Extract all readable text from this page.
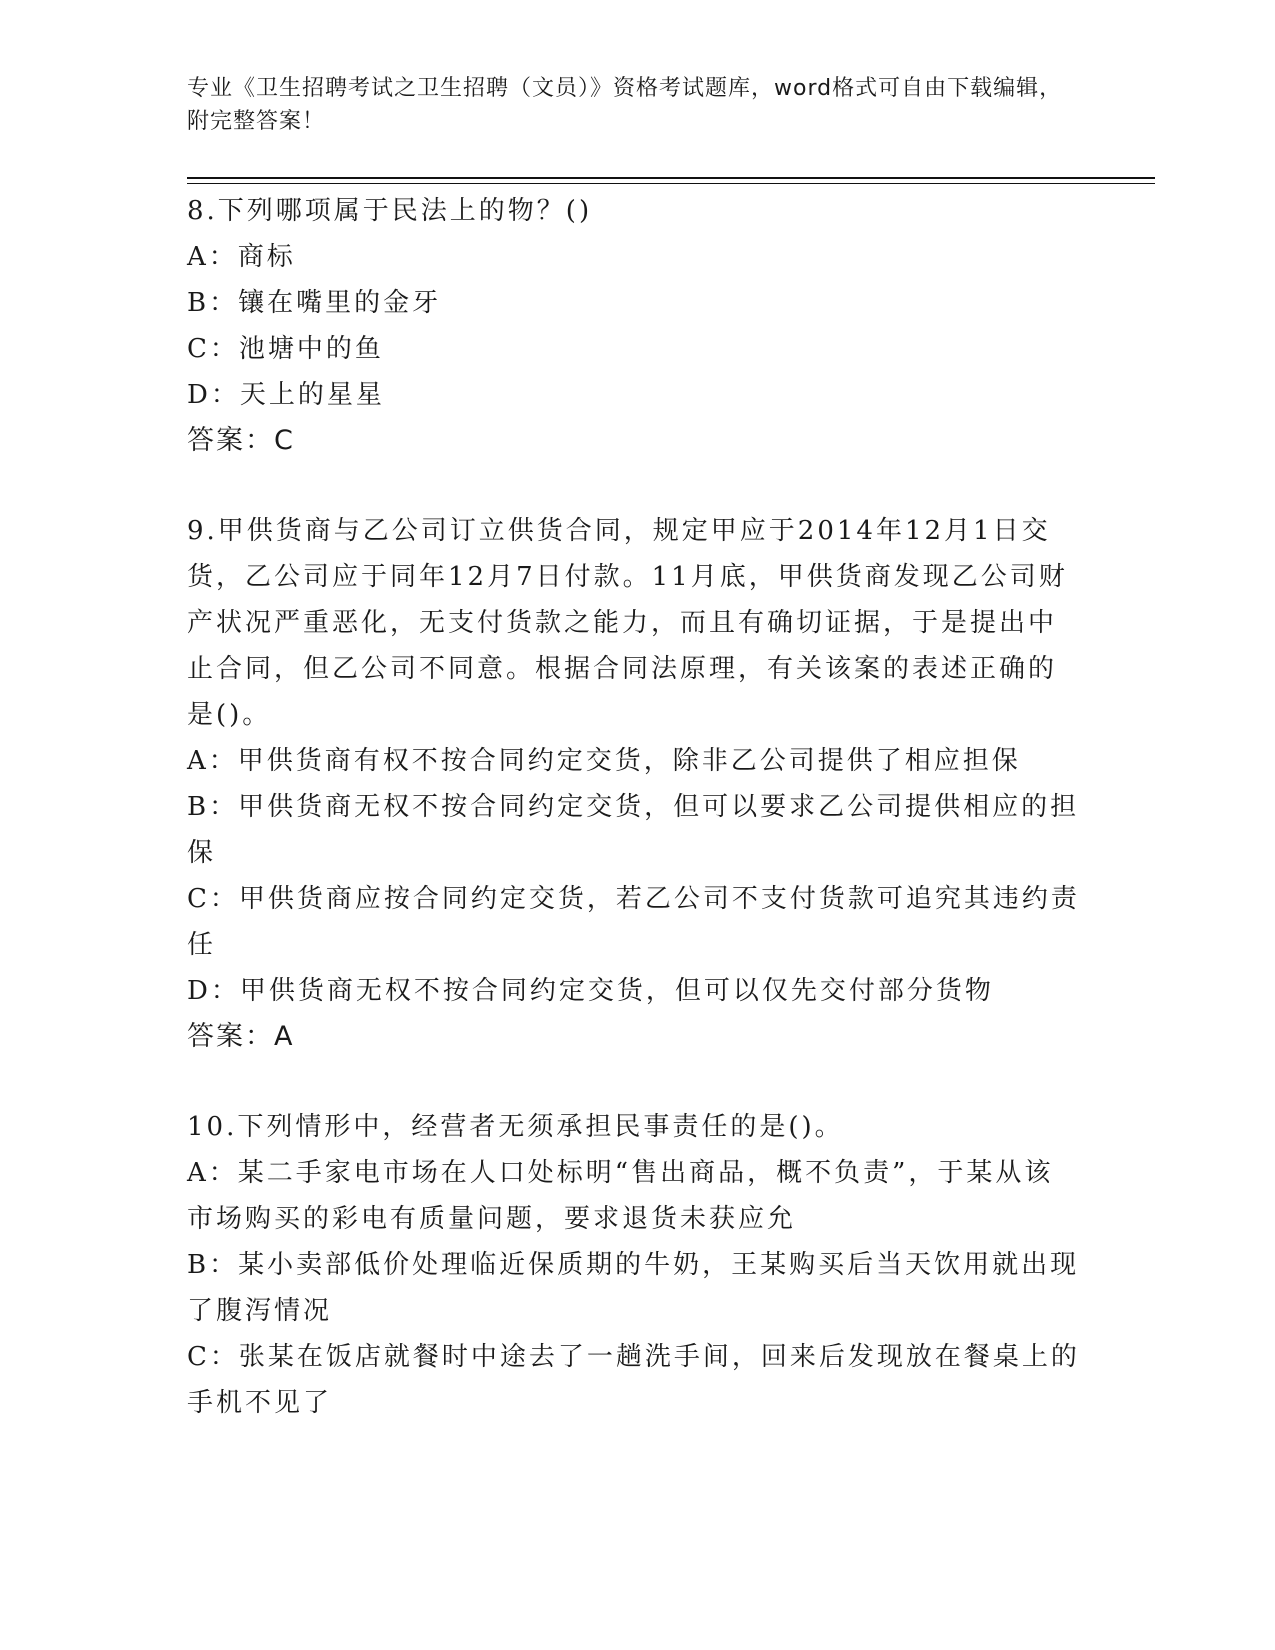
专业《卫生招聘考试之卫生招聘（文员）》资格考试题库，word格式可自由下载编辑，附完整答案！

8.下列哪项属于民法上的物？()

A：商标

B：镶在嘴里的金牙

C：池塘中的鱼

D：天上的星星

答案：C

9.甲供货商与乙公司订立供货合同，规定甲应于2014年12月1日交货，乙公司应于同年12月7日付款。11月底，甲供货商发现乙公司财产状况严重恶化，无支付货款之能力，而且有确切证据，于是提出中止合同，但乙公司不同意。根据合同法原理，有关该案的表述正确的是()。

A：甲供货商有权不按合同约定交货，除非乙公司提供了相应担保

B：甲供货商无权不按合同约定交货，但可以要求乙公司提供相应的担保

C：甲供货商应按合同约定交货，若乙公司不支付货款可追究其违约责任

D：甲供货商无权不按合同约定交货，但可以仅先交付部分货物

答案：A

10.下列情形中，经营者无须承担民事责任的是()。

A：某二手家电市场在人口处标明“售出商品，概不负责”，于某从该市场购买的彩电有质量问题，要求退货未获应允

B：某小卖部低价处理临近保质期的牛奶，王某购买后当天饮用就出现了腹泻情况

C：张某在饭店就餐时中途去了一趟洗手间，回来后发现放在餐桌上的手机不见了
